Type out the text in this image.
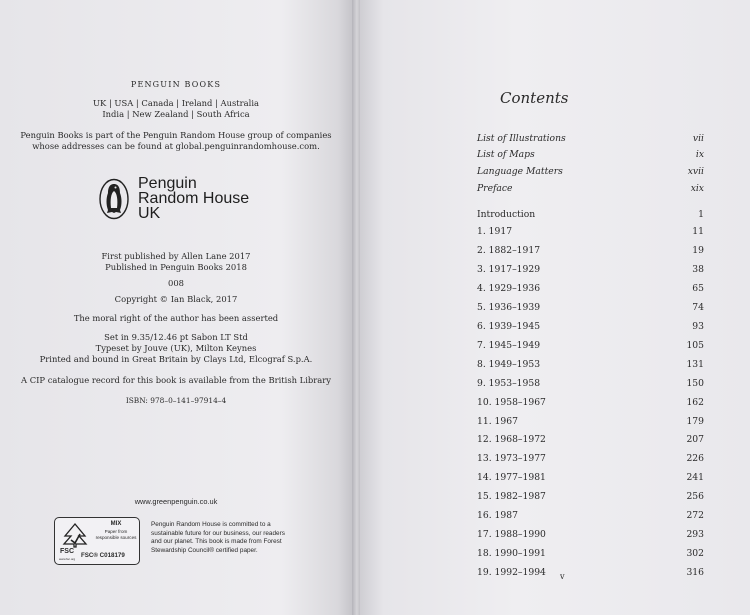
PENGUIN BOOKS
UK | USA | Canada | Ireland | Australia
India | New Zealand | South Africa
Penguin Books is part of the Penguin Random House group of companies
whose addresses can be found at global.penguinrandomhouse.com.
Penguin
Random House
UK
First published by Allen Lane 2017
Published in Penguin Books 2018
008
Copyright © Ian Black, 2017
The moral right of the author has been asserted
Set in 9.35/12.46 pt Sabon LT Std
Typeset by Jouve (UK), Milton Keynes
Printed and bound in Great Britain by Clays Ltd, Elcograf S.p.A.
A CIP catalogue record for this book is available from the British Library
ISBN: 978–0–141–97914–4
www.greenpenguin.co.uk
FSC
www.fsc.org
MIX
Paper from
responsible sources
FSC® C018179
Penguin Random House is committed to a
sustainable future for our business, our readers
and our planet. This book is made from Forest
Stewardship Council® certified paper.
Contents
List of Illustrations	vii
List of Maps	ix
Language Matters	xvii
Preface	xix
Introduction	1
1. 1917	11
2. 1882–1917	19
3. 1917–1929	38
4. 1929–1936	65
5. 1936–1939	74
6. 1939–1945	93
7. 1945–1949	105
8. 1949–1953	131
9. 1953–1958	150
10. 1958–1967	162
11. 1967	179
12. 1968–1972	207
13. 1973–1977	226
14. 1977–1981	241
15. 1982–1987	256
16. 1987	272
17. 1988–1990	293
18. 1990–1991	302
19. 1992–1994	316
v
